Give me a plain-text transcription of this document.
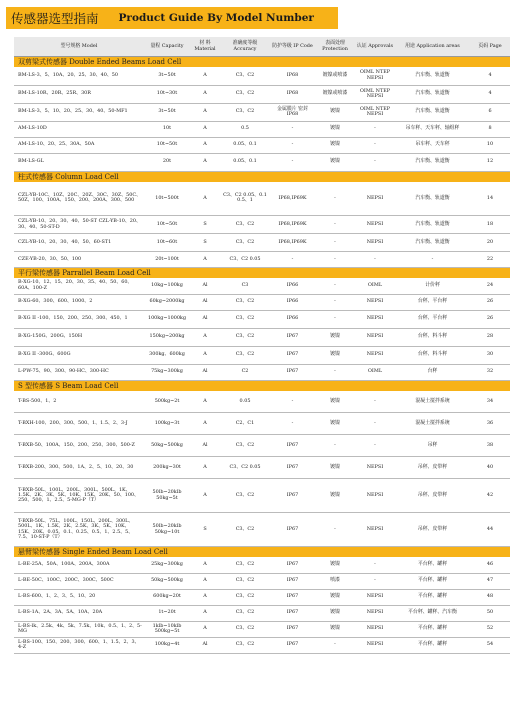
传感器选型指南 Product Guide By Model Number
型号规格 Model	量程 Capacity	材 料 Material	准确度等级 Accuracy	防护等级 IP Code	表面处理 Protection	认证 Approvals	用途 Application areas	页码 Page
双剪梁式传感器 Double Ended Beams Load Cell								
BM-LS-3、5、10A、20、25、30、40、50	3t~50t	A	C3、C2	IP68	镀镍或喷漆	OIML NTEP NEPSI	汽车衡、轨道衡	4
BM-LS-10R、20R、25R、30R	10t~30t	A	C3、C2	IP68	镀镍或喷漆	OIML NTEP NEPSI	汽车衡、轨道衡	4
BM-LS-3、5、10、20、25、30、40、50-MF1	3t~50t	A	C3、C2	金属膜片 密封 IP68	镀镍	OIML NTEP NEPSI	汽车衡、轨道衡	6
AM-LS-10D	10t	A	0.5	-	镀镍	-	吊车秤、天车秤、轴组秤	8
AM-LS-10、20、25、30A、50A	10t~50t	A	0.05、0.1	-	镀镍	-	吊车秤、天车秤	10
BM-LS-GL	20t	A	0.05、0.1	-	镀镍	-	汽车衡、轨道衡	12
柱式传感器 Column Load Cell								
CZL-YB-10C、10Z、20C、20Z、30C、30Z、50C、50Z、100、100A、150、200、200A、300、500	10t~500t	A	C3、C2 0.05、0.1 0.5、1	IP68,IP69K	-	NEPSI	汽车衡、轨道衡	14
CZL-YB-10、20、30、40、50-ST CZL-YB-10、20、30、40、50-ST-D	10t~50t	S	C3、C2	IP68,IP69K	-	NEPSI	汽车衡、轨道衡	18
CZL-YB-10、20、30、40、50、60-ST1	10t~60t	S	C3、C2	IP68,IP69K	-	NEPSI	汽车衡、轨道衡	20
CZE-YB-20、30、50、100	20t~100t	A	C3、C2 0.05	-	-	-	-	22
平行梁传感器 Parrallel Beam Load Cell								
B-XG-10、12、15、20、30、35、40、50、60、60A、100-Z	10kg~100kg	Al	C3	IP66	-	OIML	计价秤	24
B-XG-60、300、600、1000、2	60kg~2000kg	Al	C3、C2	IP66	-	NEPSI	台秤、平台秤	26
B-XG II -100、150、200、250、300、450、1	100kg~1000kg	Al	C3、C2	IP66	-	NEPSI	台秤、平台秤	26
B-XG-150G、200G、150H	150kg~200kg	A	C3、C2	IP67	镀镍	NEPSI	台秤、料斗秤	28
B-XG II -300G、600G	300kg、600kg	A	C3、C2	IP67	镀镍	NEPSI	台秤、料斗秤	30
L-PW-75、90、300、90-HC、300-HC	75kg~300kg	Al	C2	IP67	-	OIML	台秤	32
S 型传感器 S Beam Load Cell								
T-BS-500、1、2	500kg~2t	A	0.05	-	镀镍	-	混凝土搅拌系统	34
T-BXH-100、200、300、500、1、1.5、2、3-J	100kg~3t	A	C2、C1	-	镀镍	-	混凝土搅拌系统	36
T-BXB-50、100A、150、200、250、300、500-Z	50kg~500kg	Al	C3、C2	IP67	-	-	吊秤	38
T-BXB-200、300、500、1A、2、5、10、20、30	200kg~30t	A	C3、C2 0.05	IP67	镀镍	NEPSI	吊秤、皮带秤	40
T-BXB-50L、100L、200L、300L、500L、1K、1.5K、2K、3K、5K、10K、15K、20K、50、100、250、500、1、2.5、5-MG-P（T）	50lb~20klb 50kg~5t	A	C3、C2	IP67	镀镍	NEPSI	吊秤、皮带秤	42
T-BXB-50L、75L、100L、150L、200L、300L、500L、1K、1.5K、2K、2.5K、3K、5K、10K、15K、20K、0.05、0.1、0.25、0.5、1、2.5、5、7.5、10-ST-P（T）	50lb~20klb 50kg~10t	S	C3、C2	IP67	-	NEPSI	吊秤、皮带秤	44
悬臂梁传感器 Single Ended Beam Load Cell								
L-BE-25A、50A、100A、200A、300A	25kg~300kg	A	C3、C2	IP67	镀镍	-	平台秤、罐秤	46
L-BE-50C、100C、200C、300C、500C	50kg~500kg	A	C3、C2	IP67	喷漆	-	平台秤、罐秤	47
L-BS-600、1、2、3、5、10、20	600kg~20t	A	C3、C2	IP67	镀镍	NEPSI	平台秤、罐秤	48
L-BS-1A、2A、3A、5A、10A、20A	1t~20t	A	C3、C2	IP67	镀镍	NEPSI	平台秤、罐秤、汽车衡	50
L-BS-lk、2.5k、4k、5k、7.5k、10k、0.5、1、2、5-MG	1klb~10klb 500kg~5t	A	C3、C2	IP67	镀镍	NEPSI	平台秤、罐秤	52
L-BS-100、150、200、300、600、1、1.5、2、3、4-Z	100kg~4t	Al	C3、C2	IP67	-	NEPSI	平台秤、罐秤	54
